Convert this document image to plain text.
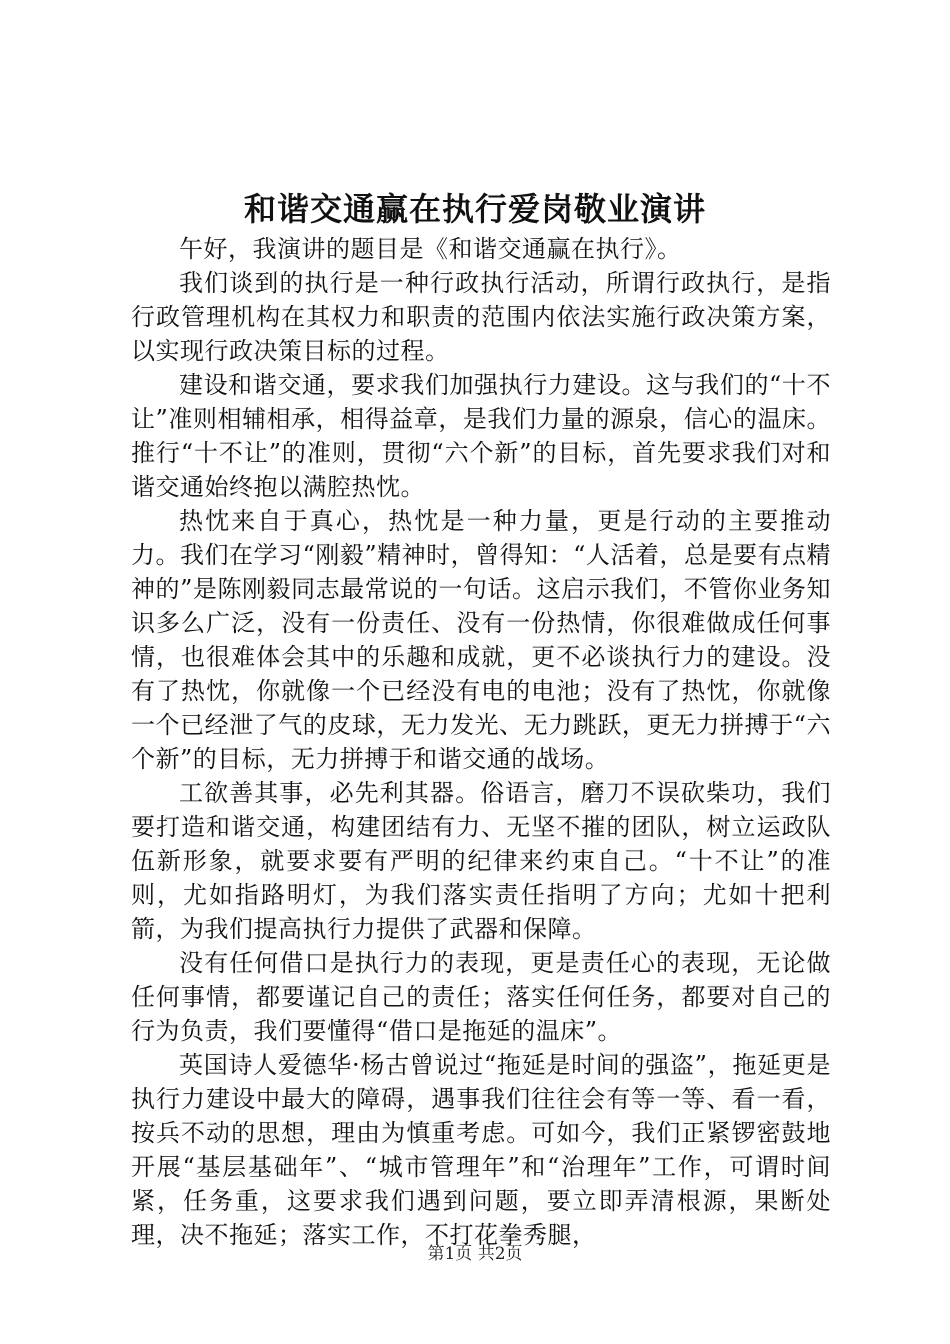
和谐交通赢在执行爱岗敬业演讲

午好，我演讲的题目是《和谐交通赢在执行》。

我们谈到的执行是一种行政执行活动，所谓行政执行，是指行政管理机构在其权力和职责的范围内依法实施行政决策方案，以实现行政决策目标的过程。

建设和谐交通，要求我们加强执行力建设。这与我们的“十不让”准则相辅相承，相得益章，是我们力量的源泉，信心的温床。推行“十不让”的准则，贯彻“六个新”的目标，首先要求我们对和谐交通始终抱以满腔热忱。

热忱来自于真心，热忱是一种力量，更是行动的主要推动力。我们在学习“刚毅”精神时，曾得知：“人活着，总是要有点精神的”是陈刚毅同志最常说的一句话。这启示我们，不管你业务知识多么广泛，没有一份责任、没有一份热情，你很难做成任何事情，也很难体会其中的乐趣和成就，更不必谈执行力的建设。没有了热忱，你就像一个已经没有电的电池；没有了热忱，你就像一个已经泄了气的皮球，无力发光、无力跳跃，更无力拼搏于“六个新”的目标，无力拼搏于和谐交通的战场。

工欲善其事，必先利其器。俗语言，磨刀不误砍柴功，我们要打造和谐交通，构建团结有力、无坚不摧的团队，树立运政队伍新形象，就要求要有严明的纪律来约束自己。“十不让”的准则，尤如指路明灯，为我们落实责任指明了方向；尤如十把利箭，为我们提高执行力提供了武器和保障。

没有任何借口是执行力的表现，更是责任心的表现，无论做任何事情，都要谨记自己的责任；落实任何任务，都要对自己的行为负责，我们要懂得“借口是拖延的温床”。

英国诗人爱德华·杨古曾说过“拖延是时间的强盗”，拖延更是执行力建设中最大的障碍，遇事我们往往会有等一等、看一看，按兵不动的思想，理由为慎重考虑。可如今，我们正紧锣密鼓地开展“基层基础年”、“城市管理年”和“治理年”工作，可谓时间紧，任务重，这要求我们遇到问题，要立即弄清根源，果断处理，决不拖延；落实工作，不打花拳秀腿，

第1页 共2页
